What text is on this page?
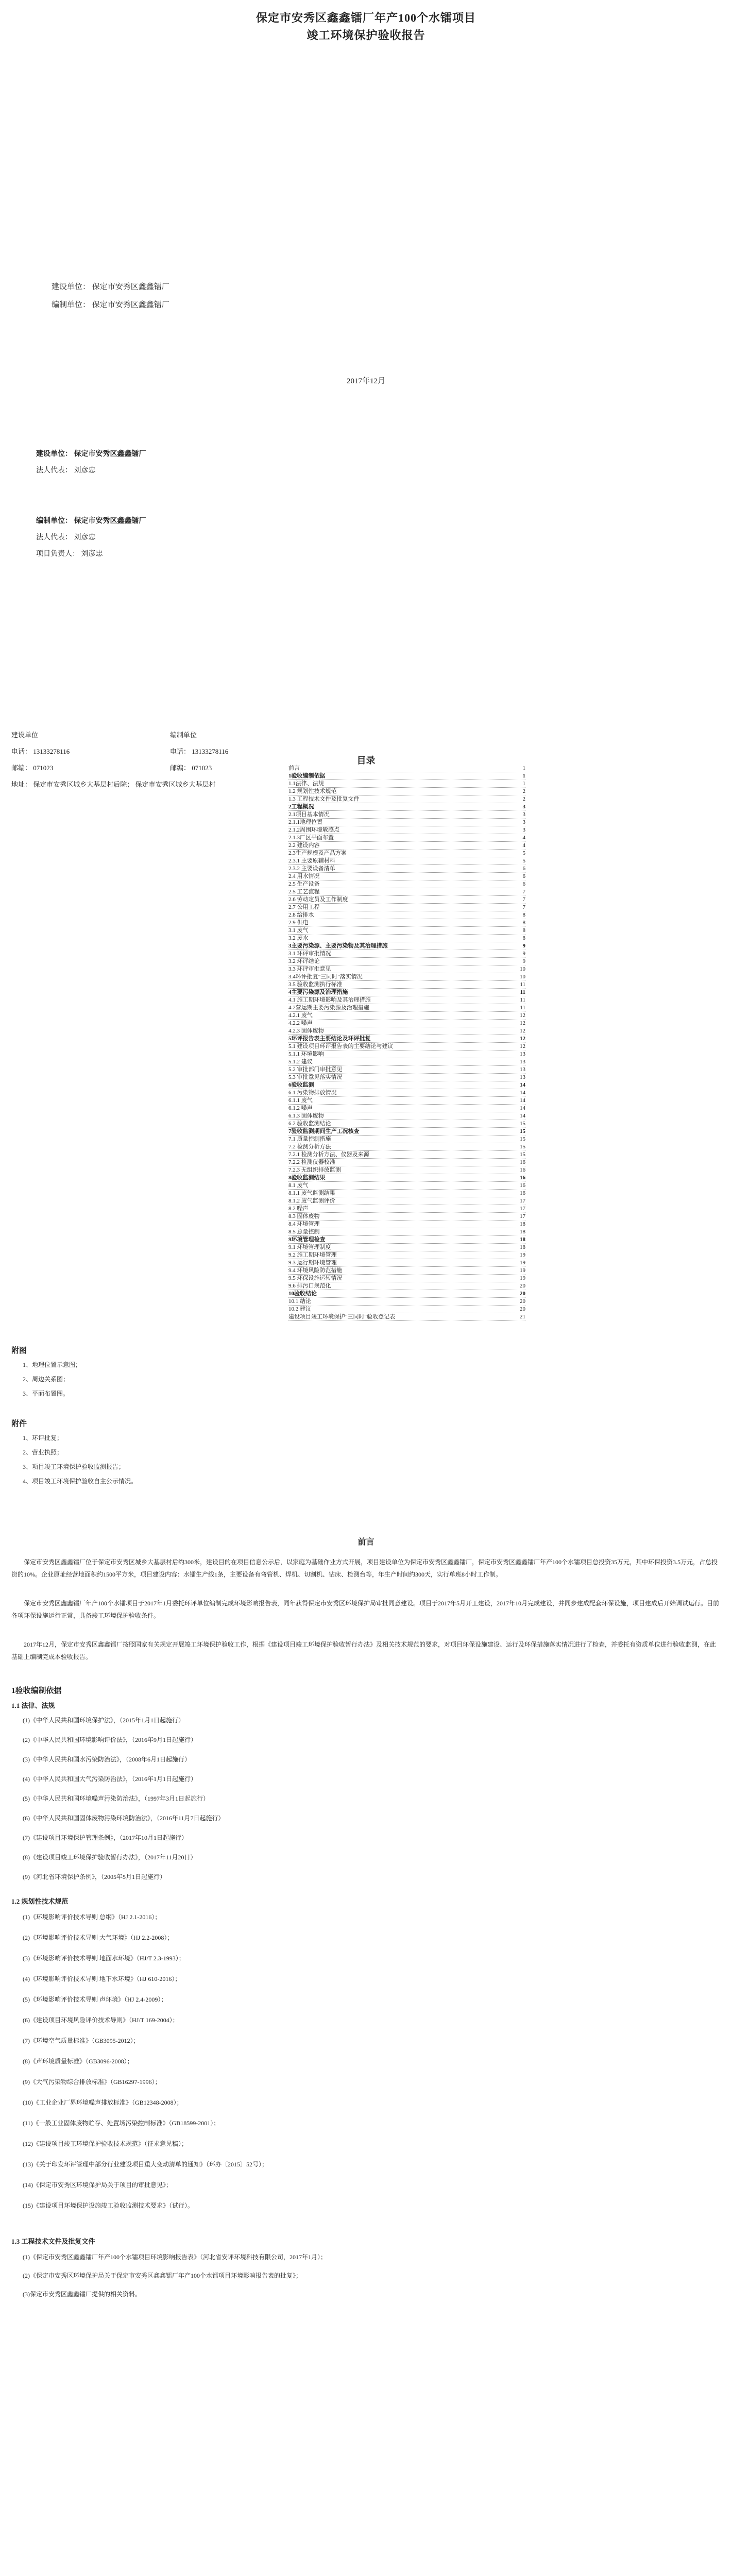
保定市安秀区鑫鑫镭厂年产100个水镭项目
竣工环境保护验收报告
建设单位： 保定市安秀区鑫鑫镭厂
编制单位： 保定市安秀区鑫鑫镭厂
2017年12月
建设单位： 保定市安秀区鑫鑫镭厂
法人代表： 刘彦忠
编制单位： 保定市安秀区鑫鑫镭厂
法人代表： 刘彦忠
项目负责人： 刘彦忠
建设单位	编制单位
电话： 13133278116	电话： 13133278116
邮编： 071023	邮编： 071023
地址： 保定市安秀区城乡大基层村后院； 保定市安秀区城乡大基层村
目录
前言	1
1验收编制依据	1
1.1法律、法规	1
1.2 规划性技术规范	2
1.3 工程技术文件及批复文件	2
2工程概况	3
2.1项目基本情况	3
2.1.1地理位置	3
2.1.2周围环境敏感点	3
2.1.3厂区平面布置	4
2.2 建设内容	4
2.3生产规模及产品方案	5
2.3.1 主要原辅材料	5
2.3.2 主要设备清单	6
2.4 用水情况	6
2.5 生产设备	6
2.5 工艺流程	7
2.6 劳动定员及工作制度	7
2.7 公用工程	7
2.8 给排水	8
2.9 供电	8
3.1 废气	8
3.2 废水	8
3主要污染源、主要污染物及其治理措施	9
3.1 环评审批情况	9
3.2 环评结论	9
3.3 环评审批意见	10
3.4环评批复"三同时"落实情况	10
3.5 验收监测执行标准	11
4主要污染源及治理措施	11
4.1 施工期环境影响及其治理措施	11
4.2营运期主要污染源及治理措施	11
4.2.1 废气	12
4.2.2 噪声	12
4.2.3 固体废物	12
5环评报告表主要结论及环评批复	12
5.1 建设项目环评报告表的主要结论与建议	12
5.1.1 环境影响	13
5.1.2 建议	13
5.2 审批部门审批意见	13
5.3 审批意见落实情况	13
6验收监测	14
6.1 污染物排放情况	14
6.1.1 废气	14
6.1.2 噪声	14
6.1.3 固体废物	14
6.2 验收监测结论	15
7验收监测期间生产工况核查	15
7.1 质量控制措施	15
7.2 检测分析方法	15
7.2.1 检测分析方法、仪器及来源	15
7.2.2 检测仪器校准	16
7.2.3 无组织排放监测	16
8验收监测结果	16
8.1 废气	16
8.1.1 废气监测结果	16
8.1.2 废气监测评价	17
8.2 噪声	17
8.3 固体废物	17
8.4 环境管理	18
8.5 总量控制	18
9环境管理检查	18
9.1 环境管理制度	18
9.2 施工期环境管理	19
9.3 运行期环境管理	19
9.4 环境风险防范措施	19
9.5 环保设施运转情况	19
9.6 排污口规范化	20
10验收结论	20
10.1 结论	20
10.2 建议	20
建设项目竣工环境保护"三同时"验收登记表	21
附图
1、地理位置示意图；
2、周边关系图；
3、平面布置图。
附件
1、环评批复；
2、营业执照；
3、项目竣工环境保护验收监测报告；
4、项目竣工环境保护验收自主公示情况。
前言
保定市安秀区鑫鑫镭厂位于保定市安秀区城乡大基层村后约300米，建设目的在项目信息公示后，以家庭为基础作业方式开展，项目建设单位为保定市安秀区鑫鑫镭厂，保定市安秀区鑫鑫镭厂年产100个水镭项目总投资35万元，其中环保投资3.5万元，占总投资的10%。企业原址经营地面积约1500平方米，项目建设内容：水镭生产线1条，主要设备有弯管机、焊机、切割机、钻床、检测台等，年生产时间约300天，实行单班8小时工作制。
保定市安秀区鑫鑫镭厂年产100个水镭项目于2017年1月委托环评单位编制完成环境影响报告表，同年获得保定市安秀区环境保护局审批同意建设。项目于2017年5月开工建设，2017年10月完成建设，并同步建成配套环保设施，项目建成后开始调试运行。目前各项环保设施运行正常，具备竣工环境保护验收条件。
2017年12月，保定市安秀区鑫鑫镭厂按照国家有关规定开展竣工环境保护验收工作，根据《建设项目竣工环境保护验收暂行办法》及相关技术规范的要求，对项目环保设施建设、运行及环保措施落实情况进行了检查，并委托有资质单位进行验收监测，在此基础上编制完成本验收报告。
1验收编制依据
1.1 法律、法规
(1)《中华人民共和国环境保护法》，（2015年1月1日起施行）
(2)《中华人民共和国环境影响评价法》，（2016年9月1日起施行）
(3)《中华人民共和国水污染防治法》，（2008年6月1日起施行）
(4)《中华人民共和国大气污染防治法》，（2016年1月1日起施行）
(5)《中华人民共和国环境噪声污染防治法》，（1997年3月1日起施行）
(6)《中华人民共和国固体废物污染环境防治法》，（2016年11月7日起施行）
(7)《建设项目环境保护管理条例》，（2017年10月1日起施行）
(8)《建设项目竣工环境保护验收暂行办法》，（2017年11月20日）
(9)《河北省环境保护条例》，（2005年5月1日起施行）
1.2 规划性技术规范
(1)《环境影响评价技术导则 总纲》（HJ 2.1-2016）；
(2)《环境影响评价技术导则 大气环境》（HJ 2.2-2008）；
(3)《环境影响评价技术导则 地面水环境》（HJ/T 2.3-1993）；
(4)《环境影响评价技术导则 地下水环境》（HJ 610-2016）；
(5)《环境影响评价技术导则 声环境》（HJ 2.4-2009）；
(6)《建设项目环境风险评价技术导则》（HJ/T 169-2004）；
(7)《环境空气质量标准》（GB3095-2012）；
(8)《声环境质量标准》（GB3096-2008）；
(9)《大气污染物综合排放标准》（GB16297-1996）；
(10)《工业企业厂界环境噪声排放标准》（GB12348-2008）；
(11)《一般工业固体废物贮存、处置场污染控制标准》（GB18599-2001）；
(12)《建设项目竣工环境保护验收技术规范》（征求意见稿）；
(13)《关于印发环评管理中部分行业建设项目重大变动清单的通知》（环办〔2015〕52号）；
(14)《保定市安秀区环境保护局关于项目的审批意见》；
(15)《建设项目环境保护设施竣工验收监测技术要求》（试行）。
1.3 工程技术文件及批复文件
(1)《保定市安秀区鑫鑫镭厂年产100个水镭项目环境影响报告表》（河北省安评环境科技有限公司，2017年1月）；
(2)《保定市安秀区环境保护局关于保定市安秀区鑫鑫镭厂年产100个水镭项目环境影响报告表的批复》；
(3)保定市安秀区鑫鑫镭厂提供的相关资料。
